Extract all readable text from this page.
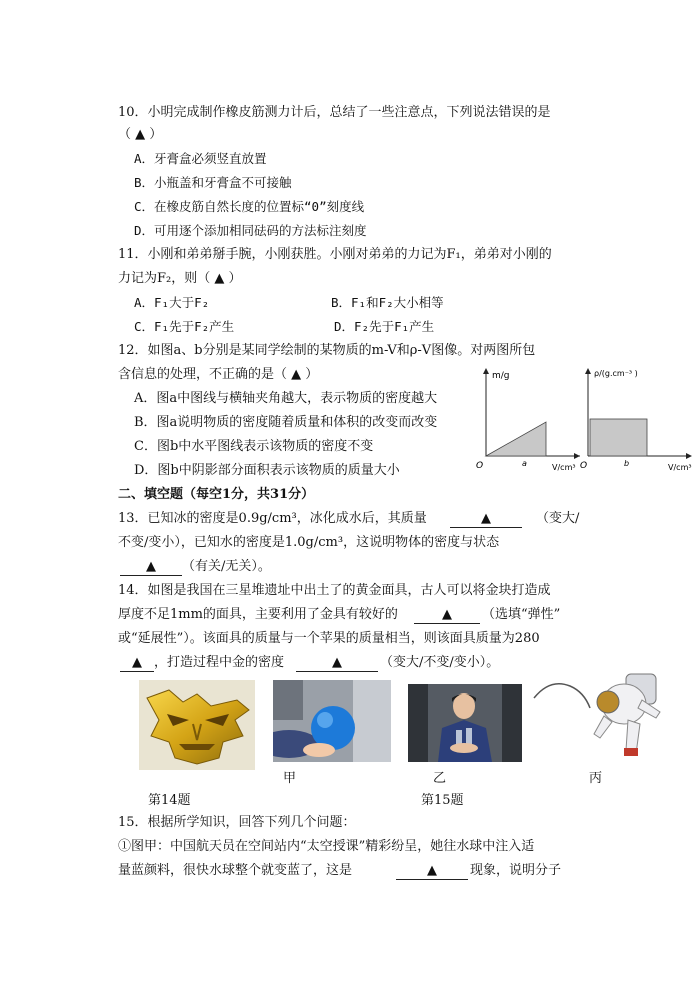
10．小明完成制作橡皮筋测力计后，总结了一些注意点，下列说法错误的是
（ ▲ ）
A．牙膏盒必须竖直放置
B．小瓶盖和牙膏盒不可接触
C．在橡皮筋自然长度的位置标“0”刻度线
D．可用逐个添加相同砝码的方法标注刻度
11．小刚和弟弟掰手腕，小刚获胜。小刚对弟弟的力记为F₁，弟弟对小刚的
力记为F₂，则（ ▲ ）
A．F₁大于F₂	B．F₁和F₂大小相等
C．F₁先于F₂产生	D．F₂先于F₁产生
12．如图a、b分别是某同学绘制的某物质的m-V和ρ-V图像。对两图所包
含信息的处理，不正确的是（ ▲ ）
A．图a中图线与横轴夹角越大，表示物质的密度越大
B．图a说明物质的密度随着质量和体积的改变而改变
C．图b中水平图线表示该物质的密度不变
D．图b中阴影部分面积表示该物质的质量大小
m/g
O	a	V/cm³
ρ/(g.cm⁻³ )
O	b	V/cm³
二、填空题（每空1分，共31分）
13．已知冰的密度是0.9g/cm³，冰化成水后，其质量	▲	（变大/
不变/变小），已知水的密度是1.0g/cm³，这说明物体的密度与状态
▲	（有关/无关）。
14．如图是我国在三星堆遗址中出土了的黄金面具，古人可以将金块打造成
厚度不足1mm的面具，主要利用了金具有较好的	▲	（选填“弹性”
或“延展性”）。该面具的质量与一个苹果的质量相当，则该面具质量为280
▲ ，打造过程中金的密度	▲	（变大/不变/变小）。
甲	乙	丙
第14题	第15题
15．根据所学知识，回答下列几个问题：
①图甲：中国航天员在空间站内“太空授课”精彩纷呈，她往水球中注入适
量蓝颜料，很快水球整个就变蓝了，这是	▲	现象，说明分子
